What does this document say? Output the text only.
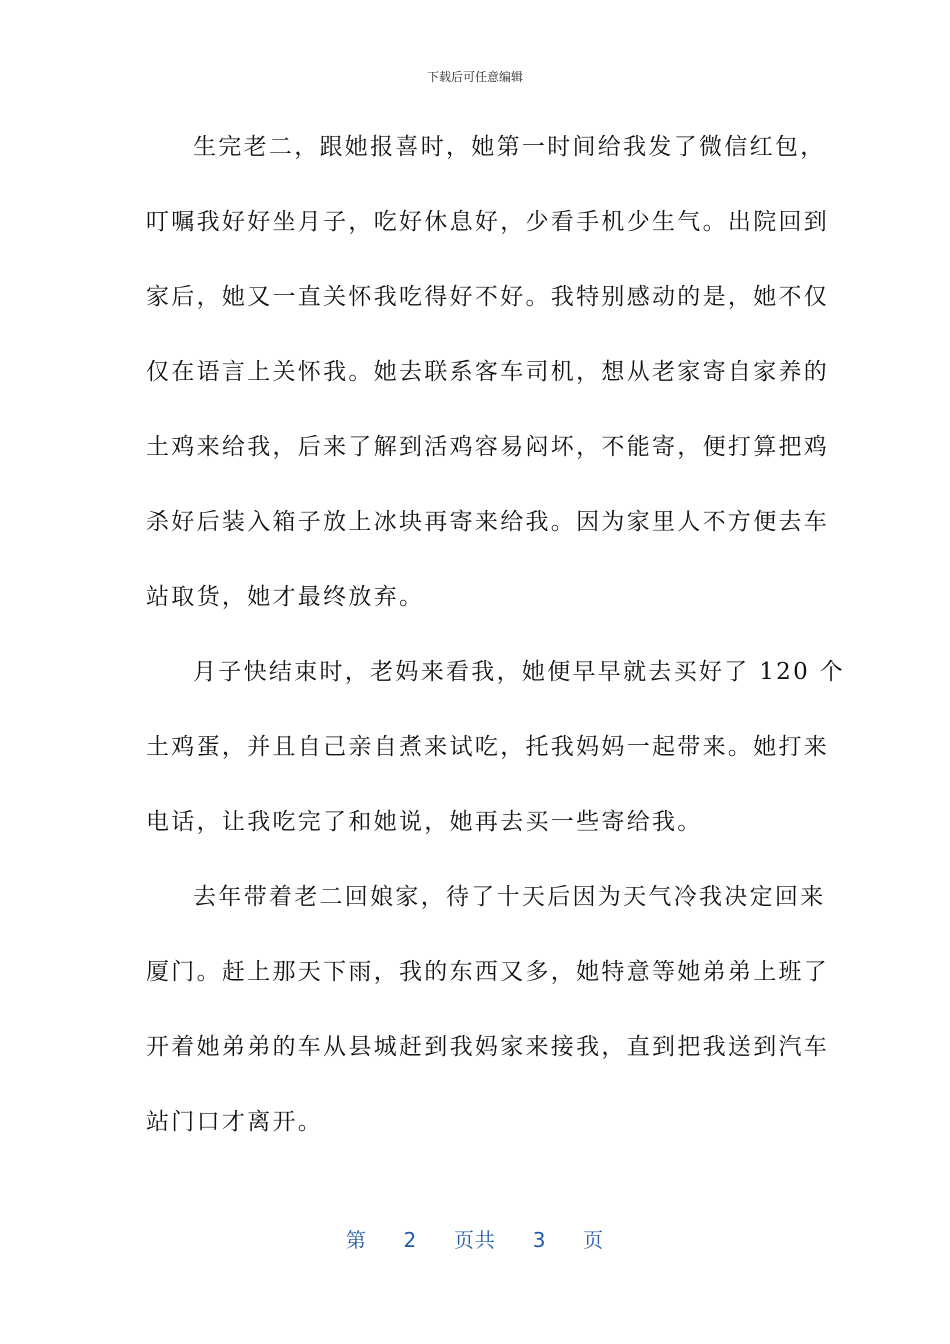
下载后可任意编辑
生完老二，跟她报喜时，她第一时间给我发了微信红包，
叮嘱我好好坐月子，吃好休息好，少看手机少生气。出院回到
家后，她又一直关怀我吃得好不好。我特别感动的是，她不仅
仅在语言上关怀我。她去联系客车司机，想从老家寄自家养的
土鸡来给我，后来了解到活鸡容易闷坏，不能寄，便打算把鸡
杀好后装入箱子放上冰块再寄来给我。因为家里人不方便去车
站取货，她才最终放弃。
月子快结束时，老妈来看我，她便早早就去买好了 120 个
土鸡蛋，并且自己亲自煮来试吃，托我妈妈一起带来。她打来
电话，让我吃完了和她说，她再去买一些寄给我。
去年带着老二回娘家，待了十天后因为天气冷我决定回来
厦门。赶上那天下雨，我的东西又多，她特意等她弟弟上班了
开着她弟弟的车从县城赶到我妈家来接我，直到把我送到汽车
站门口才离开。
第 2 页共 3 页
